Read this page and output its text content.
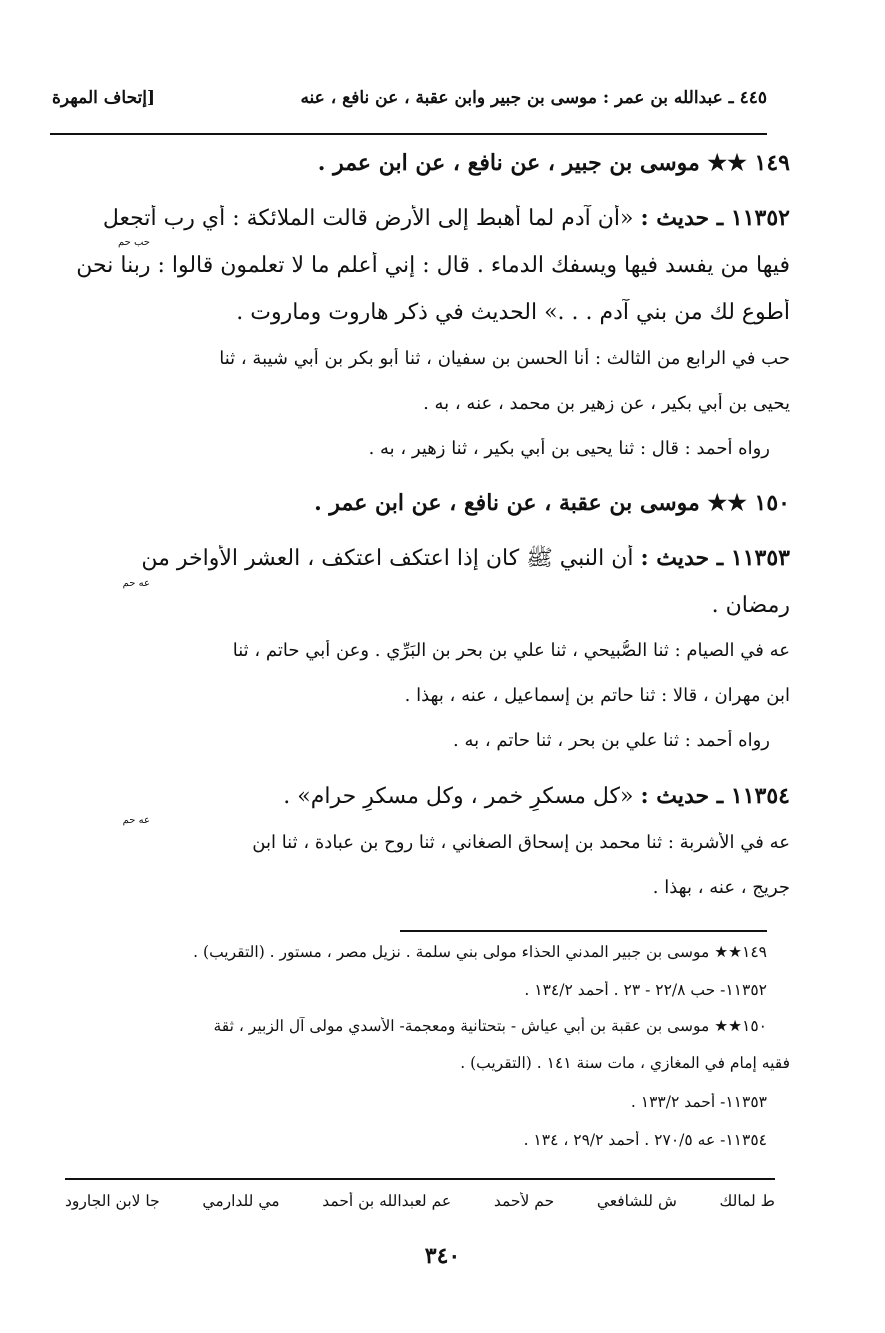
٤٤٥ ـ عبدالله بن عمر : موسى بن جبير وابن عقبة ، عن نافع ، عنه
[إتحاف المهرة
١٤٩ ★★ موسى بن جبير ، عن نافع ، عن ابن عمر .
١١٣٥٢ ـ حديث : «أن آدم لما أهبط إلى الأرض قالت الملائكة : أي رب أتجعل
حب حم
فيها من يفسد فيها ويسفك الدماء . قال : إني أعلم ما لا تعلمون قالوا : ربنا نحن
أطوع لك من بني آدم . . .» الحديث في ذكر هاروت وماروت .
حب في الرابع من الثالث : أنا الحسن بن سفيان ، ثنا أبو بكر بن أبي شيبة ، ثنا
يحيى بن أبي بكير ، عن زهير بن محمد ، عنه ، به .
رواه أحمد : قال : ثنا يحيى بن أبي بكير ، ثنا زهير ، به .
١٥٠ ★★ موسى بن عقبة ، عن نافع ، عن ابن عمر .
١١٣٥٣ ـ حديث : أن النبي ﷺ كان إذا اعتكف اعتكف ، العشر الأواخر من
عه حم
رمضان .
عه في الصيام : ثنا الصُّبيحي ، ثنا علي بن بحر بن البَرِّي . وعن أبي حاتم ، ثنا
ابن مهران ، قالا : ثنا حاتم بن إسماعيل ، عنه ، بهذا .
رواه أحمد : ثنا علي بن بحر ، ثنا حاتم ، به .
١١٣٥٤ ـ حديث : «كل مسكرٍ خمر ، وكل مسكرٍ حرام» .
عه حم
عه في الأشربة : ثنا محمد بن إسحاق الصغاني ، ثنا روح بن عبادة ، ثنا ابن
جريج ، عنه ، بهذا .
١٤٩★★ موسى بن جبير المدني الحذاء مولى بني سلمة . نزيل مصر ، مستور . (التقريب) .
١١٣٥٢- حب ٢٢/٨ - ٢٣ . أحمد ١٣٤/٢ .
١٥٠★★ موسى بن عقبة بن أبي عياش - بتحتانية ومعجمة- الأسدي مولى آل الزبير ، ثقة
فقيه إمام في المغازي ، مات سنة ١٤١ . (التقريب) .
١١٣٥٣- أحمد ١٣٣/٢ .
١١٣٥٤- عه ٢٧٠/٥ . أحمد ٢٩/٢ ، ١٣٤ .
ط لمالك
ش للشافعي
حم لأحمد
عم لعبدالله بن أحمد
مي للدارمي
جا لابن الجارود
٣٤٠
